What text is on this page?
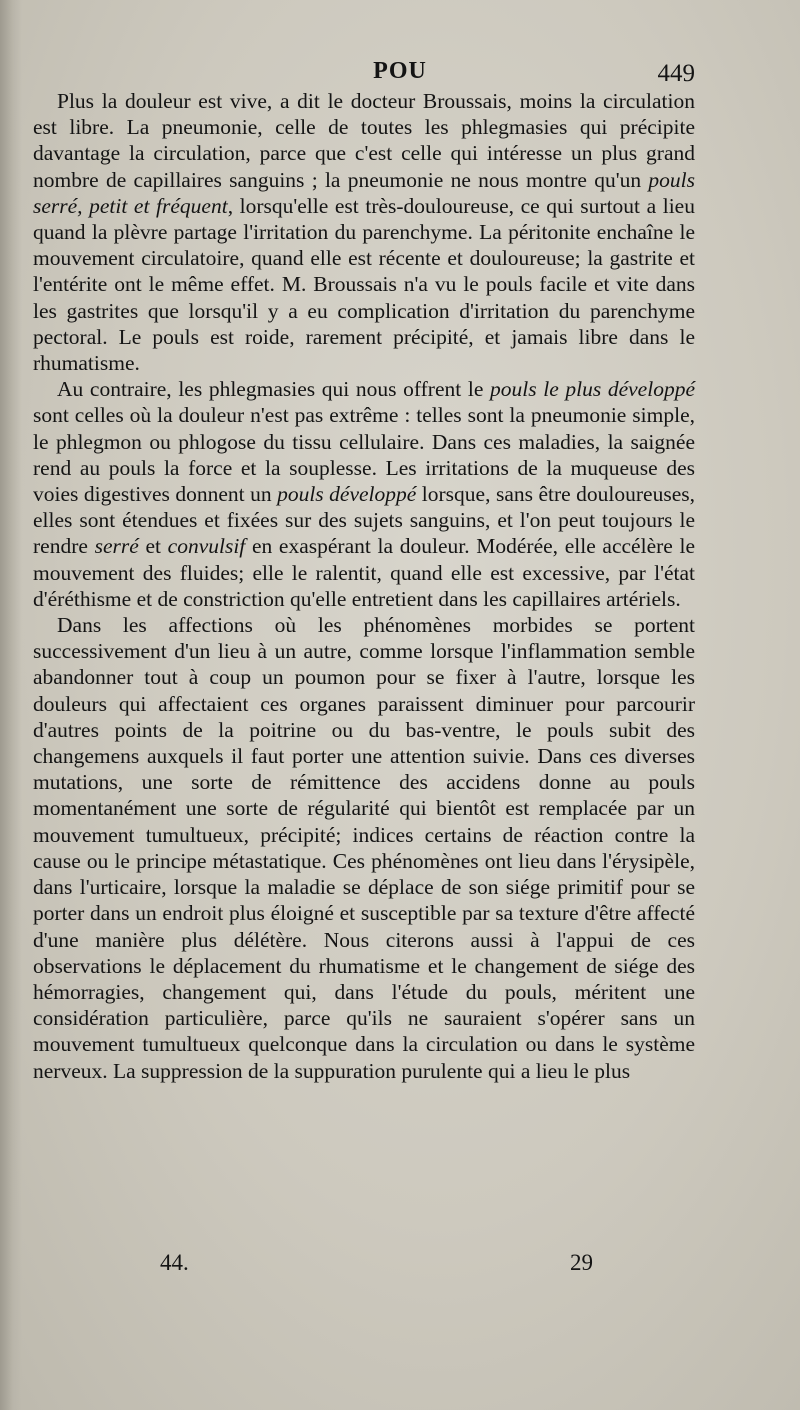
POU	449

Plus la douleur est vive, a dit le docteur Broussais, moins la circulation est libre. La pneumonie, celle de toutes les phlegmasies qui précipite davantage la circulation, parce que c'est celle qui intéresse un plus grand nombre de capillaires sanguins ; la pneumonie ne nous montre qu'un pouls serré, petit et fréquent, lorsqu'elle est très-douloureuse, ce qui surtout a lieu quand la plèvre partage l'irritation du parenchyme. La péritonite enchaîne le mouvement circulatoire, quand elle est récente et douloureuse; la gastrite et l'entérite ont le même effet. M. Broussais n'a vu le pouls facile et vite dans les gastrites que lorsqu'il y a eu complication d'irritation du parenchyme pectoral. Le pouls est roide, rarement précipité, et jamais libre dans le rhumatisme.

Au contraire, les phlegmasies qui nous offrent le pouls le plus développé sont celles où la douleur n'est pas extrême : telles sont la pneumonie simple, le phlegmon ou phlogose du tissu cellulaire. Dans ces maladies, la saignée rend au pouls la force et la souplesse. Les irritations de la muqueuse des voies digestives donnent un pouls développé lorsque, sans être douloureuses, elles sont étendues et fixées sur des sujets sanguins, et l'on peut toujours le rendre serré et convulsif en exaspérant la douleur. Modérée, elle accélère le mouvement des fluides; elle le ralentit, quand elle est excessive, par l'état d'éréthisme et de constriction qu'elle entretient dans les capillaires artériels.

Dans les affections où les phénomènes morbides se portent successivement d'un lieu à un autre, comme lorsque l'inflammation semble abandonner tout à coup un poumon pour se fixer à l'autre, lorsque les douleurs qui affectaient ces organes paraissent diminuer pour parcourir d'autres points de la poitrine ou du bas-ventre, le pouls subit des changemens auxquels il faut porter une attention suivie. Dans ces diverses mutations, une sorte de rémittence des accidens donne au pouls momentanément une sorte de régularité qui bientôt est remplacée par un mouvement tumultueux, précipité; indices certains de réaction contre la cause ou le principe métastatique. Ces phénomènes ont lieu dans l'érysipèle, dans l'urticaire, lorsque la maladie se déplace de son siége primitif pour se porter dans un endroit plus éloigné et susceptible par sa texture d'être affecté d'une manière plus délétère. Nous citerons aussi à l'appui de ces observations le déplacement du rhumatisme et le changement de siége des hémorragies, changement qui, dans l'étude du pouls, méritent une considération particulière, parce qu'ils ne sauraient s'opérer sans un mouvement tumultueux quelconque dans la circulation ou dans le système nerveux. La suppression de la suppuration purulente qui a lieu le plus

44.	29
